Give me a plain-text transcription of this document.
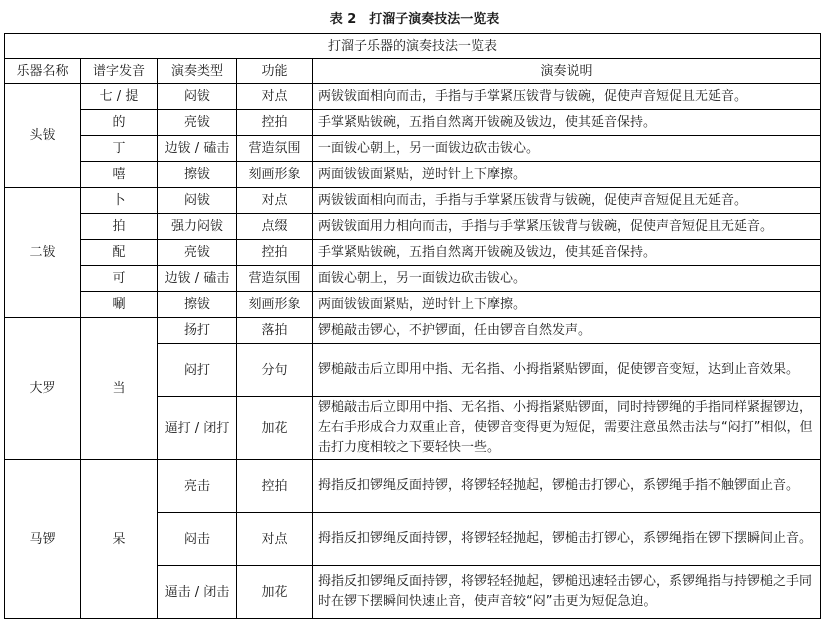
表 2　打溜子演奏技法一览表
打溜子乐器的演奏技法一览表				
乐器名称	谱字发音	演奏类型	功能	演奏说明
头钹	七 / 提	闷钹	对点	两钹钹面相向而击，手指与手掌紧压钹背与钹碗，促使声音短促且无延音。
	的	亮钹	控拍	手掌紧贴钹碗，五指自然离开钹碗及钹边，使其延音保持。
	丁	边钹 / 磕击	营造氛围	一面钹心朝上，另一面钹边砍击钹心。
	嘻	擦钹	刻画形象	两面钹钹面紧贴，逆时针上下摩擦。
二钹	卜	闷钹	对点	两钹钹面相向而击，手指与手掌紧压钹背与钹碗，促使声音短促且无延音。
	拍	强力闷钹	点缀	两钹钹面用力相向而击，手指与手掌紧压钹背与钹碗，促使声音短促且无延音。
	配	亮钹	控拍	手掌紧贴钹碗，五指自然离开钹碗及钹边，使其延音保持。
	可	边钹 / 磕击	营造氛围	面钹心朝上，另一面钹边砍击钹心。
	唰	擦钹	刻画形象	两面钹钹面紧贴，逆时针上下摩擦。
大罗	当	扬打	落拍	锣槌敲击锣心，不护锣面，任由锣音自然发声。
		闷打	分句	锣槌敲击后立即用中指、无名指、小拇指紧贴锣面，促使锣音变短，达到止音效果。
		逼打 / 闭打	加花	锣槌敲击后立即用中指、无名指、小拇指紧贴锣面，同时持锣绳的手指同样紧握锣边，左右手形成合力双重止音，使锣音变得更为短促，需要注意虽然击法与“闷打”相似，但击打力度相较之下要轻快一些。
马锣	呆	亮击	控拍	拇指反扣锣绳反面持锣，将锣轻轻抛起，锣槌击打锣心，系锣绳手指不触锣面止音。
		闷击	对点	拇指反扣锣绳反面持锣，将锣轻轻抛起，锣槌击打锣心，系锣绳指在锣下摆瞬间止音。
		逼击 / 闭击	加花	拇指反扣锣绳反面持锣，将锣轻轻抛起，锣槌迅速轻击锣心，系锣绳指与持锣槌之手同时在锣下摆瞬间快速止音，使声音较“闷”击更为短促急迫。
